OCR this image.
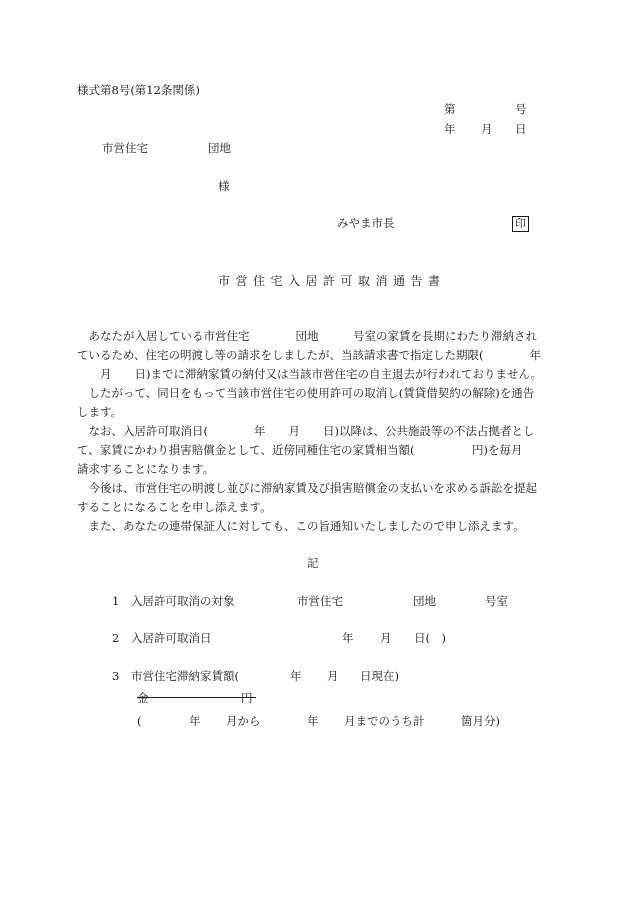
様式第8号(第12条関係)
第	号
年 月 日
市営住宅	団地
様
みやま市長	印
市営住宅入居許可取消通告書

　あなたが入居している市営住宅　　　　団地　　　号室の家賃を長期にわたり滞納され

ているため、住宅の明渡し等の請求をしましたが、当該請求書で指定した期限(　　　　年

　　月　　日)までに滞納家賃の納付又は当該市営住宅の自主退去が行われておりません。

　したがって、同日をもって当該市営住宅の使用許可の取消し(賃貸借契約の解除)を通告

します。

　なお、入居許可取消日(　　　　年　　月　　日)以降は、公共施設等の不法占拠者とし

て、家賃にかわり損害賠償金として、近傍同種住宅の家賃相当額(　　　　　円)を毎月

請求することになります。

　今後は、市営住宅の明渡し並びに滞納家賃及び損害賠償金の支払いを求める訴訟を提起

することになることを申し添えます。

　また、あなたの連帯保証人に対しても、この旨通知いたしましたので申し添えます。

記
1 入居許可取消の対象	市営住宅	団地	号室
2 入居許可取消日	年 月 日(　)
3 市営住宅滞納家賃額(	年 月 日現在)
金	円
(	年 月から	年 月までのうち計	箇月分)
